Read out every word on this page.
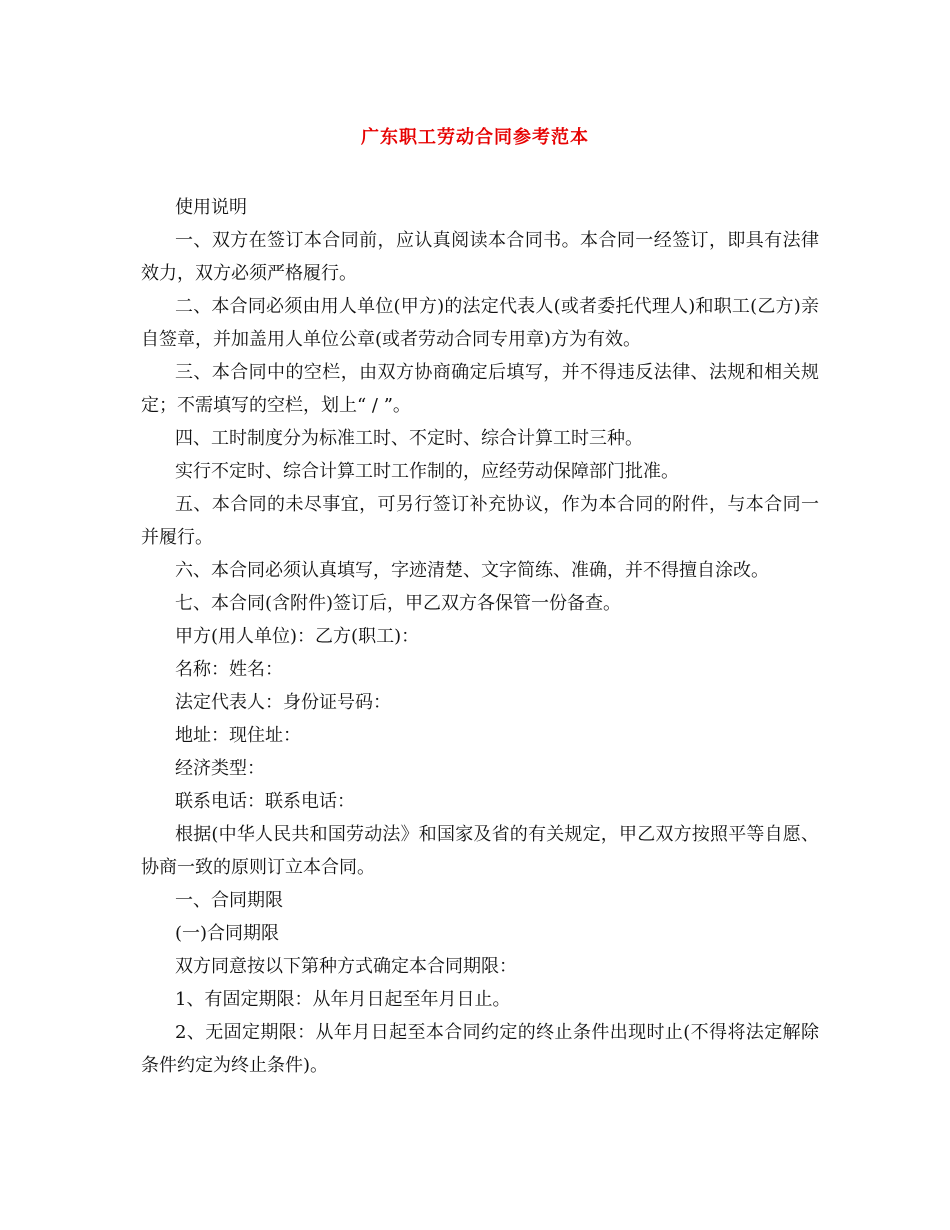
广东职工劳动合同参考范本

使用说明

一、双方在签订本合同前，应认真阅读本合同书。本合同一经签订，即具有法律效力，双方必须严格履行。

二、本合同必须由用人单位(甲方)的法定代表人(或者委托代理人)和职工(乙方)亲自签章，并加盖用人单位公章(或者劳动合同专用章)方为有效。

三、本合同中的空栏，由双方协商确定后填写，并不得违反法律、法规和相关规定；不需填写的空栏，划上“ / ”。

四、工时制度分为标准工时、不定时、综合计算工时三种。

实行不定时、综合计算工时工作制的，应经劳动保障部门批准。

五、本合同的未尽事宜，可另行签订补充协议，作为本合同的附件，与本合同一并履行。

六、本合同必须认真填写，字迹清楚、文字简练、准确，并不得擅自涂改。

七、本合同(含附件)签订后，甲乙双方各保管一份备查。

甲方(用人单位)：乙方(职工)：

名称：姓名：

法定代表人：身份证号码：

地址：现住址：

经济类型：

联系电话：联系电话：

根据(中华人民共和国劳动法》和国家及省的有关规定，甲乙双方按照平等自愿、协商一致的原则订立本合同。

一、合同期限

(一)合同期限

双方同意按以下第种方式确定本合同期限：

1、有固定期限：从年月日起至年月日止。

2、无固定期限：从年月日起至本合同约定的终止条件出现时止(不得将法定解除条件约定为终止条件)。
